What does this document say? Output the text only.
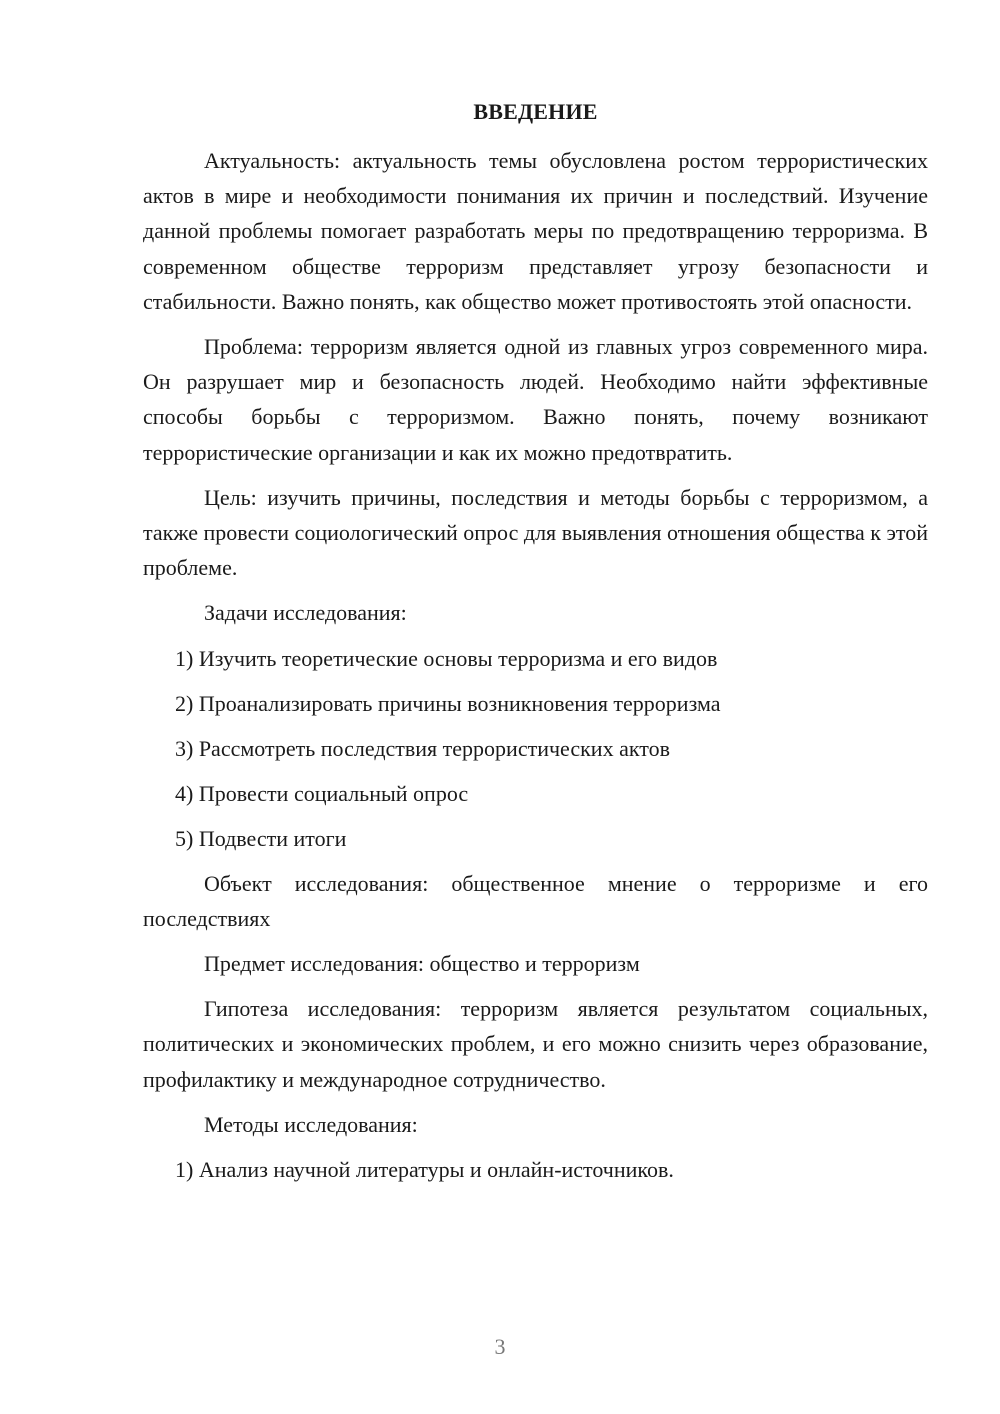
ВВЕДЕНИЕ

Актуальность: актуальность темы обусловлена ростом террористических актов в мире и необходимости понимания их причин и последствий. Изучение данной проблемы помогает разработать меры по предотвращению терроризма. В современном обществе терроризм представляет угрозу безопасности и стабильности. Важно понять, как общество может противостоять этой опасности.

Проблема: терроризм является одной из главных угроз современного мира. Он разрушает мир и безопасность людей. Необходимо найти эффективные способы борьбы с терроризмом. Важно понять, почему возникают террористические организации и как их можно предотвратить.

Цель: изучить причины, последствия и методы борьбы с терроризмом, а также провести социологический опрос для выявления отношения общества к этой проблеме.

Задачи исследования:

1) Изучить теоретические основы терроризма и его видов
2) Проанализировать причины возникновения терроризма
3) Рассмотреть последствия террористических актов
4) Провести социальный опрос
5) Подвести итоги

Объект исследования: общественное мнение о терроризме и его последствиях

Предмет исследования: общество и терроризм

Гипотеза исследования: терроризм является результатом социальных, политических и экономических проблем, и его можно снизить через образование, профилактику и международное сотрудничество.

Методы исследования:

1) Анализ научной литературы и онлайн-источников.
3
